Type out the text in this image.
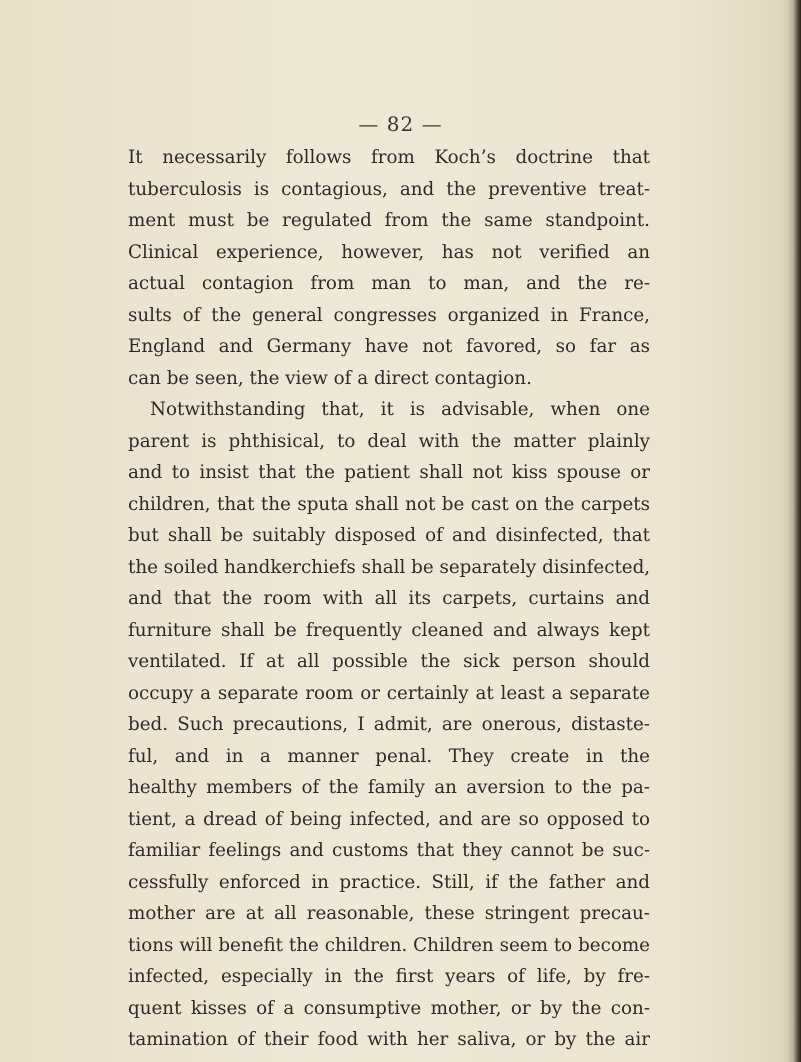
— 82 —
It necessarily follows from Koch’s doctrine that
tuberculosis is contagious, and the preventive treat-
ment must be regulated from the same standpoint.
Clinical experience, however, has not verified an
actual contagion from man to man, and the re-
sults of the general congresses organized in France,
England and Germany have not favored, so far as
can be seen, the view of a direct contagion.
Notwithstanding that, it is advisable, when one
parent is phthisical, to deal with the matter plainly
and to insist that the patient shall not kiss spouse or
children, that the sputa shall not be cast on the carpets
but shall be suitably disposed of and disinfected, that
the soiled handkerchiefs shall be separately disinfected,
and that the room with all its carpets, curtains and
furniture shall be frequently cleaned and always kept
ventilated. If at all possible the sick person should
occupy a separate room or certainly at least a separate
bed. Such precautions, I admit, are onerous, distaste-
ful, and in a manner penal. They create in the
healthy members of the family an aversion to the pa-
tient, a dread of being infected, and are so opposed to
familiar feelings and customs that they cannot be suc-
cessfully enforced in practice. Still, if the father and
mother are at all reasonable, these stringent precau-
tions will benefit the children. Children seem to become
infected, especially in the first years of life, by fre-
quent kisses of a consumptive mother, or by the con-
tamination of their food with her saliva, or by the air
